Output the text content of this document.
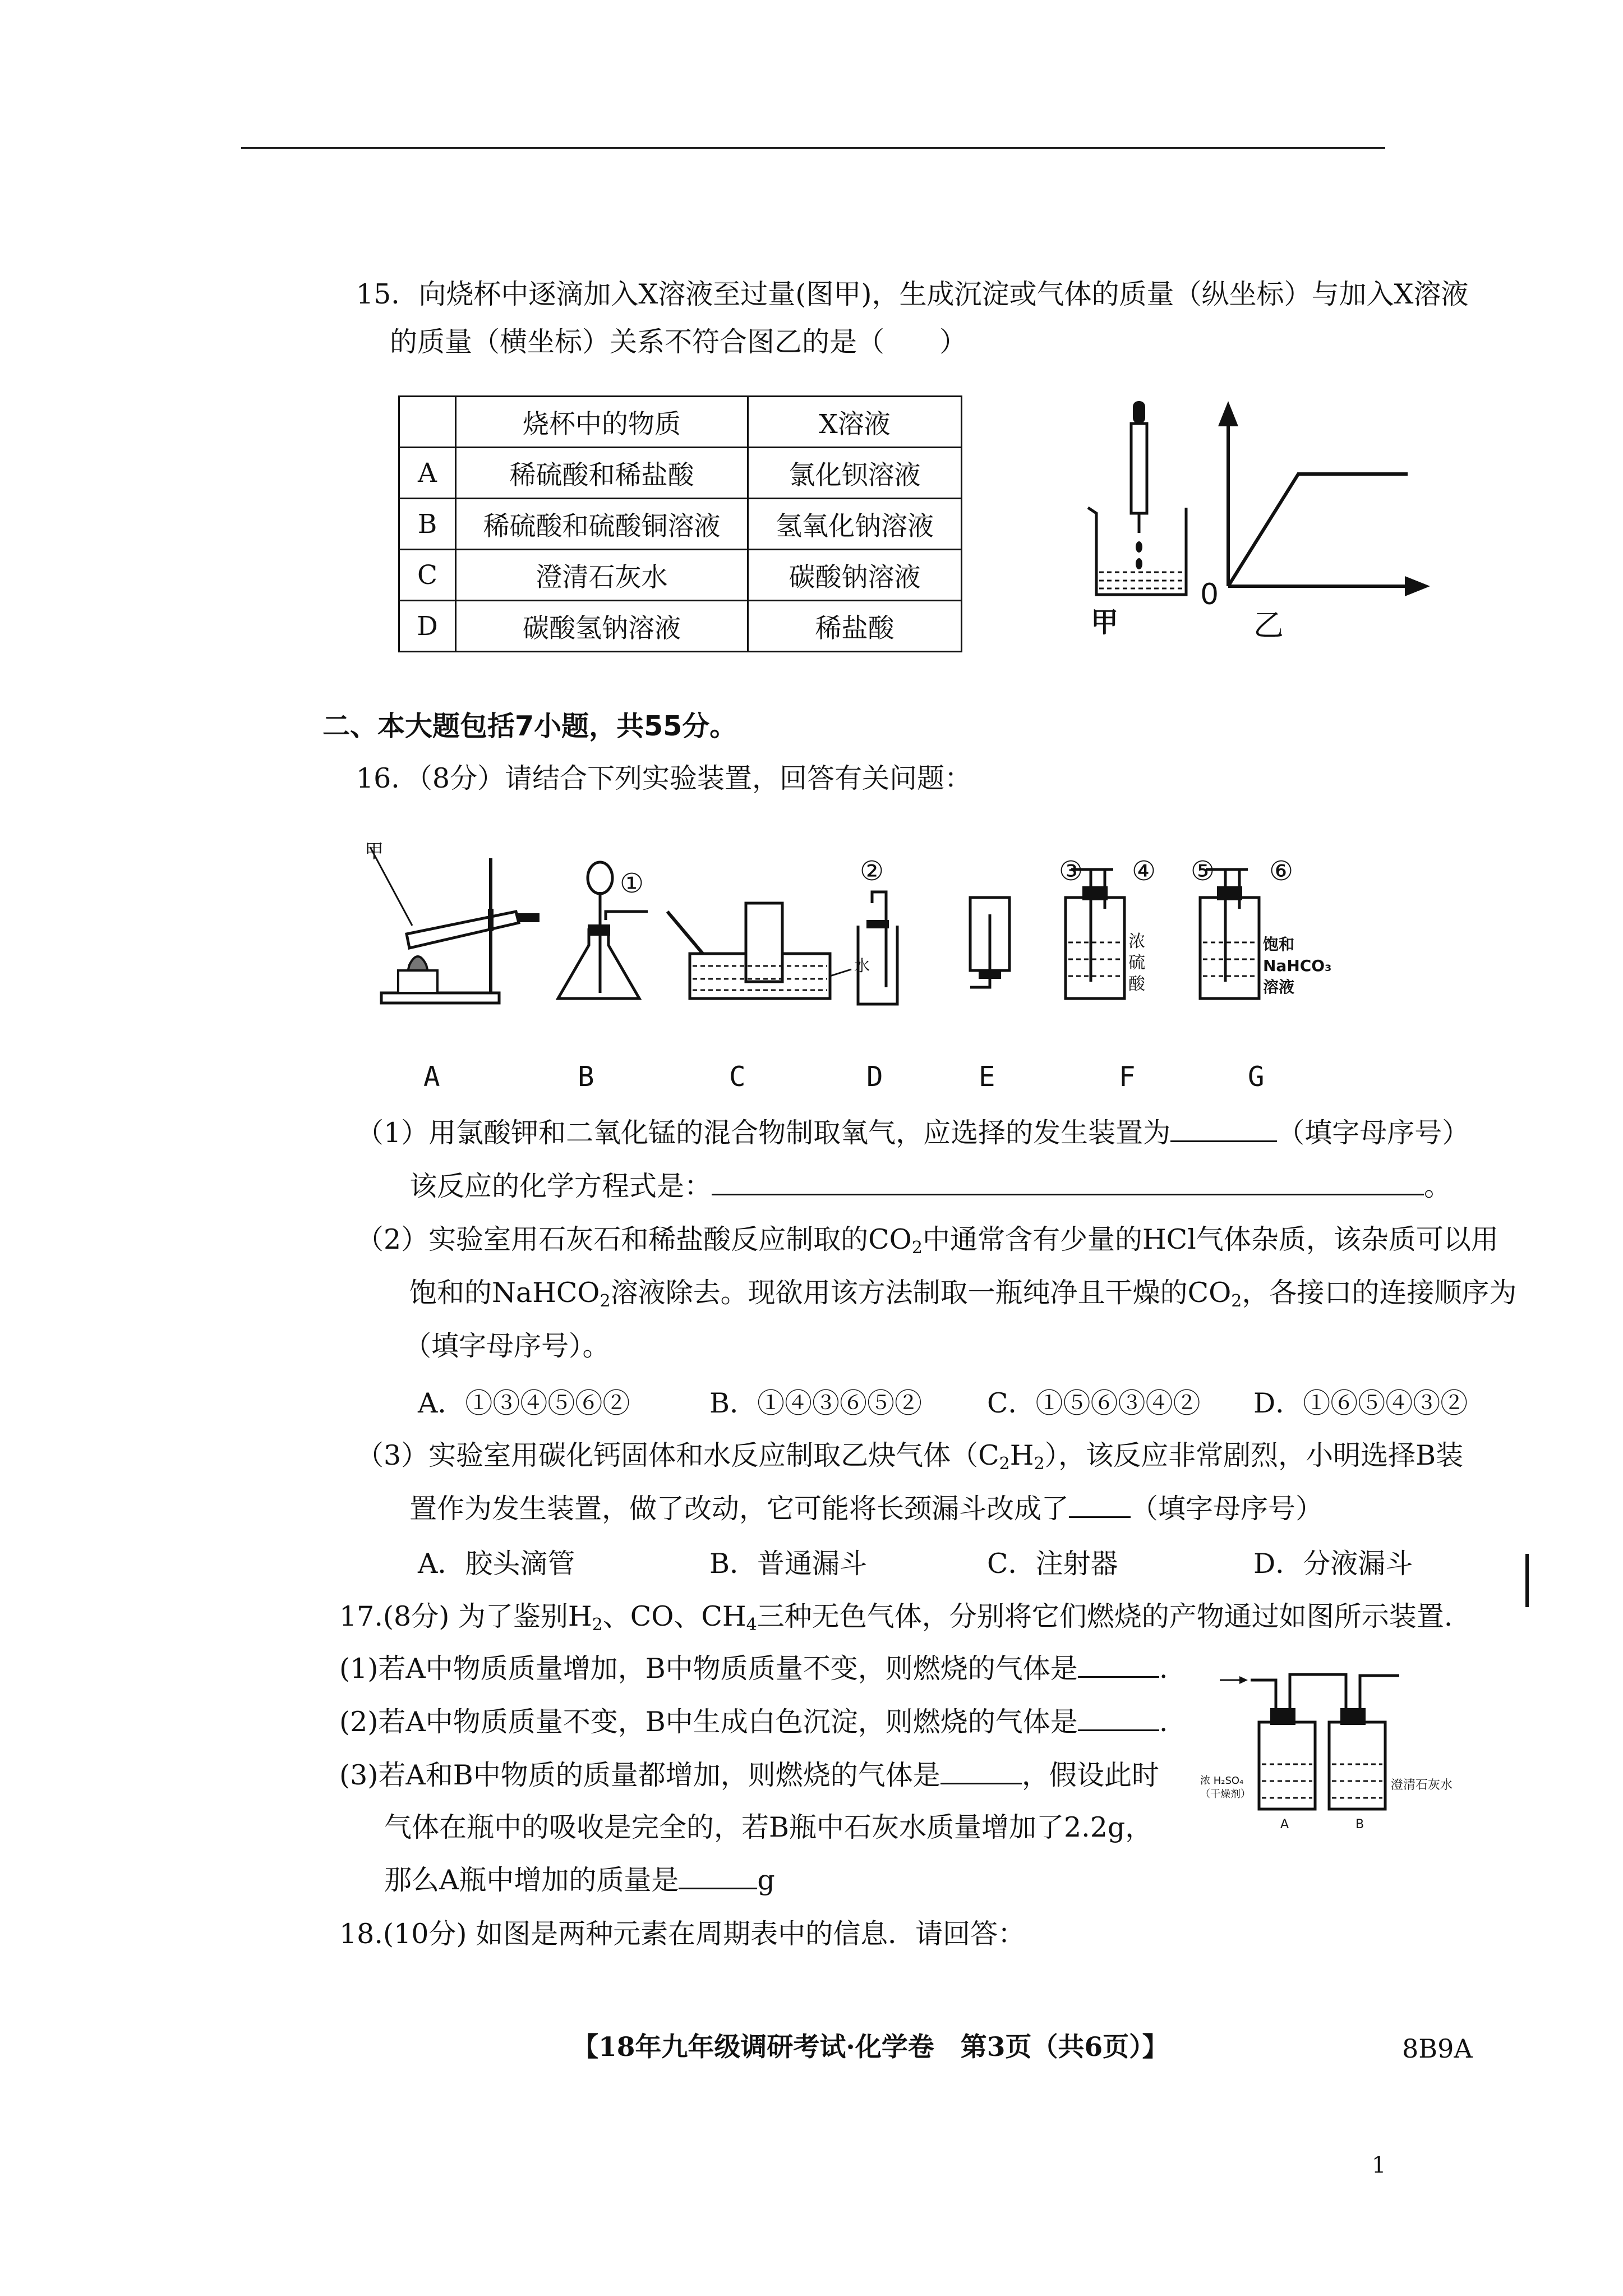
15．向烧杯中逐滴加入X溶液至过量(图甲)，生成沉淀或气体的质量（纵坐标）与加入X溶液
的质量（横坐标）关系不符合图乙的是（　　）
	烧杯中的物质	X溶液
A	稀硫酸和稀盐酸	氯化钡溶液
B	稀硫酸和硫酸铜溶液	氢氧化钠溶液
C	澄清石灰水	碳酸钠溶液
D	碳酸氢钠溶液	稀盐酸	甲
0
乙
二、本大题包括7小题，共55分。
16．（8分）请结合下列实验装置，回答有关问题：
甲
①	②	③ ④ ⑤ ⑥
水
浓
硫
酸
饱和
NaHCO₃
溶液
A	B	C	D	E	F	G
（1）用氯酸钾和二氧化锰的混合物制取氧气，应选择的发生装置为	（填字母序号）
该反应的化学方程式是：	。
（2）实验室用石灰石和稀盐酸反应制取的$CO_2$中通常含有少量的HCl气体杂质，该杂质可以用
饱和的NaHCO$_2$溶液除去。现欲用该方法制取一瓶纯净且干燥的$CO_2$，各接口的连接顺序为
（填字母序号）。
A．①③④⑤⑥②	B．①④③⑥⑤② C．①⑤⑥③④② D．①⑥⑤④③②
（3）实验室用碳化钙固体和水反应制取乙炔气体$(C_2H_2)$，该反应非常剧烈，小明选择B装
置作为发生装置，做了改动，它可能将长颈漏斗改成了 （填字母序号）
A．胶头滴管	B．普通漏斗	C．注射器	D．分液漏斗
17.(8分) 为了鉴别$H_2$、CO、$CH_4$三种无色气体，分别将它们燃烧的产物通过如图所示装置.
(1)若A中物质质量增加，B中物质质量不变，则燃烧的气体是	.
(2)若A中物质质量不变，B中生成白色沉淀，则燃烧的气体是	.
(3)若A和B中物质的质量都增加，则燃烧的气体是	，假设此时
气体在瓶中的吸收是完全的，若B瓶中石灰水质量增加了2.2g，
那么A瓶中增加的质量是	g
浓 H₂SO₄
（干燥剂）
澄清石灰水
A	B
18.(10分) 如图是两种元素在周期表中的信息．请回答：
【18年九年级调研考试·化学卷　第3页（共6页）】	8B9A
1
